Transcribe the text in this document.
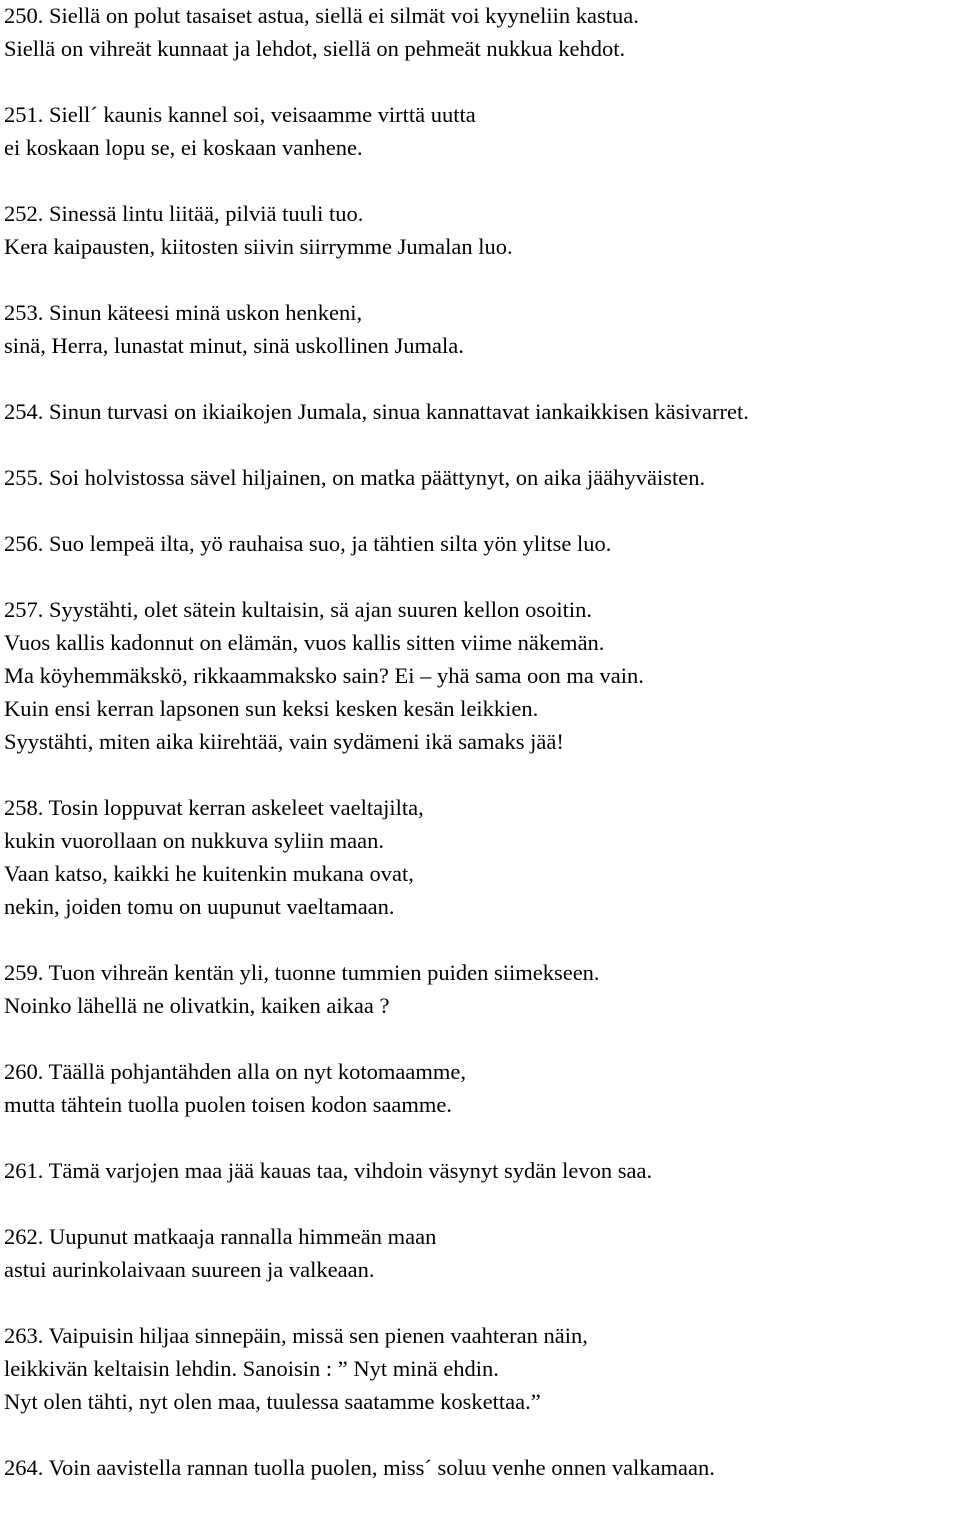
250. Siellä on polut tasaiset astua, siellä ei silmät voi kyyneliin kastua.
Siellä on vihreät kunnaat ja lehdot, siellä on pehmeät nukkua kehdot.
251. Siell´ kaunis kannel soi, veisaamme virttä uutta
ei koskaan lopu se, ei koskaan vanhene.
252. Sinessä lintu liitää, pilviä tuuli tuo.
Kera kaipausten, kiitosten siivin siirrymme Jumalan luo.
253. Sinun käteesi minä uskon henkeni,
sinä, Herra, lunastat minut, sinä uskollinen Jumala.
254. Sinun turvasi on ikiaikojen Jumala, sinua kannattavat iankaikkisen käsivarret.
255. Soi holvistossa sävel hiljainen, on matka päättynyt, on aika jäähyväisten.
256. Suo lempeä ilta, yö rauhaisa suo, ja tähtien silta yön ylitse luo.
257. Syystähti, olet sätein kultaisin, sä ajan suuren kellon osoitin.
Vuos kallis kadonnut on elämän, vuos kallis sitten viime näkemän.
Ma köyhemmäkskö, rikkaammaksko sain? Ei – yhä sama oon ma vain.
Kuin ensi kerran lapsonen sun keksi kesken kesän leikkien.
Syystähti, miten aika kiirehtää, vain sydämeni ikä samaks jää!
258. Tosin loppuvat kerran askeleet vaeltajilta,
kukin vuorollaan on nukkuva syliin maan.
Vaan katso, kaikki he kuitenkin mukana ovat,
nekin, joiden tomu on uupunut vaeltamaan.
259. Tuon vihreän kentän yli, tuonne tummien puiden siimekseen.
Noinko lähellä ne olivatkin, kaiken aikaa ?
260. Täällä pohjantähden alla on nyt kotomaamme,
mutta tähtein tuolla puolen toisen kodon saamme.
261. Tämä varjojen maa jää kauas taa, vihdoin väsynyt sydän levon saa.
262. Uupunut matkaaja rannalla himmeän maan
astui aurinkolaivaan suureen ja valkeaan.
263. Vaipuisin hiljaa sinnepäin, missä sen pienen vaahteran näin,
leikkivän keltaisin lehdin. Sanoisin : ” Nyt minä ehdin.
Nyt olen tähti, nyt olen maa, tuulessa saatamme koskettaa.”
264. Voin aavistella rannan tuolla puolen, miss´ soluu venhe onnen valkamaan.
